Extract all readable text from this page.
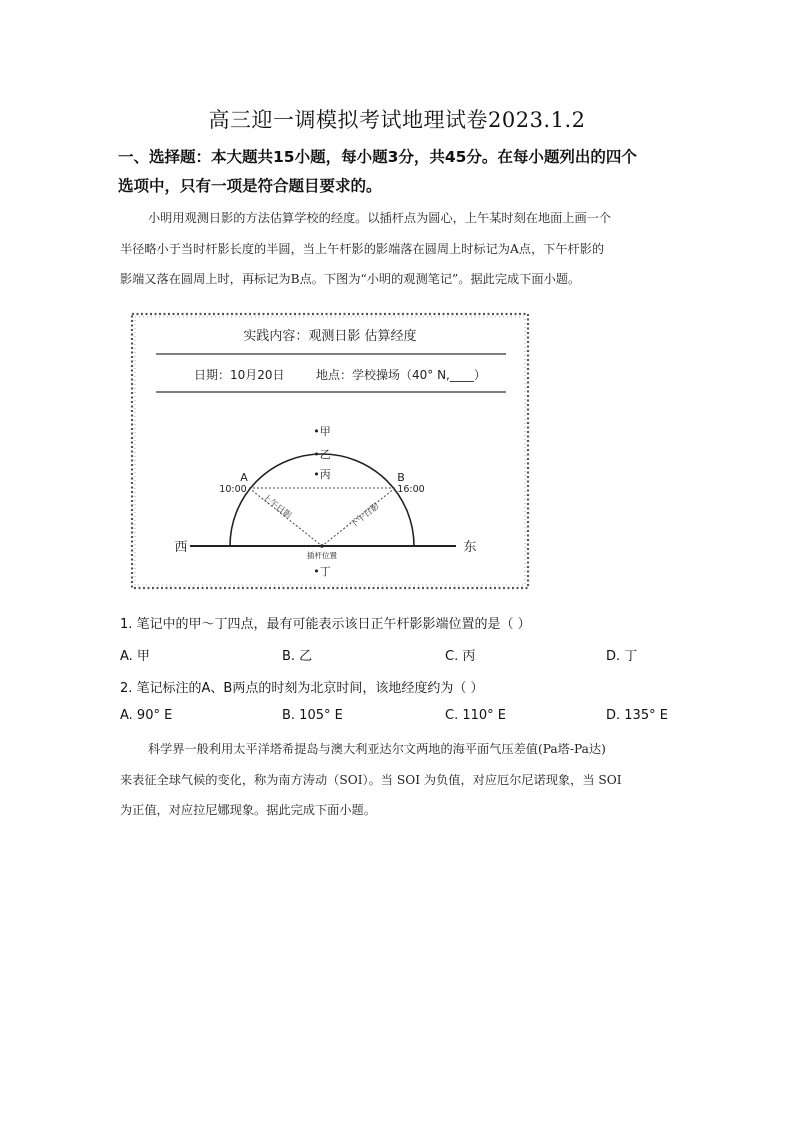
高三迎一调模拟考试地理试卷2023.1.2
一、选择题：本大题共15小题，每小题3分，共45分。在每小题列出的四个
选项中，只有一项是符合题目要求的。
小明用观测日影的方法估算学校的经度。以插杆点为圆心，上午某时刻在地面上画一个
半径略小于当时杆影长度的半圆，当上午杆影的影端落在圆周上时标记为A点，下午杆影的
影端又落在圆周上时，再标记为B点。下图为“小明的观测笔记”。据此完成下面小题。
实践内容：观测日影 估算经度
日期：10月20日	地点：学校操场（40° N,____）
西	东
A	B
10:00	16:00
上午日影	下午日影
•甲
•乙
•丙
•丁
插杆位置
1. 笔记中的甲～丁四点，最有可能表示该日正午杆影影端位置的是（ ）
A. 甲	B. 乙	C. 丙	D. 丁
2. 笔记标注的A、B两点的时刻为北京时间，该地经度约为（ ）
A. 90° E	B. 105° E	C. 110° E	D. 135° E
科学界一般利用太平洋塔希提岛与澳大利亚达尔文两地的海平面气压差值(Pa塔-Pa达)
来表征全球气候的变化，称为南方涛动（SOI）。当 SOI 为负值，对应厄尔尼诺现象，当 SOI
为正值，对应拉尼娜现象。据此完成下面小题。
